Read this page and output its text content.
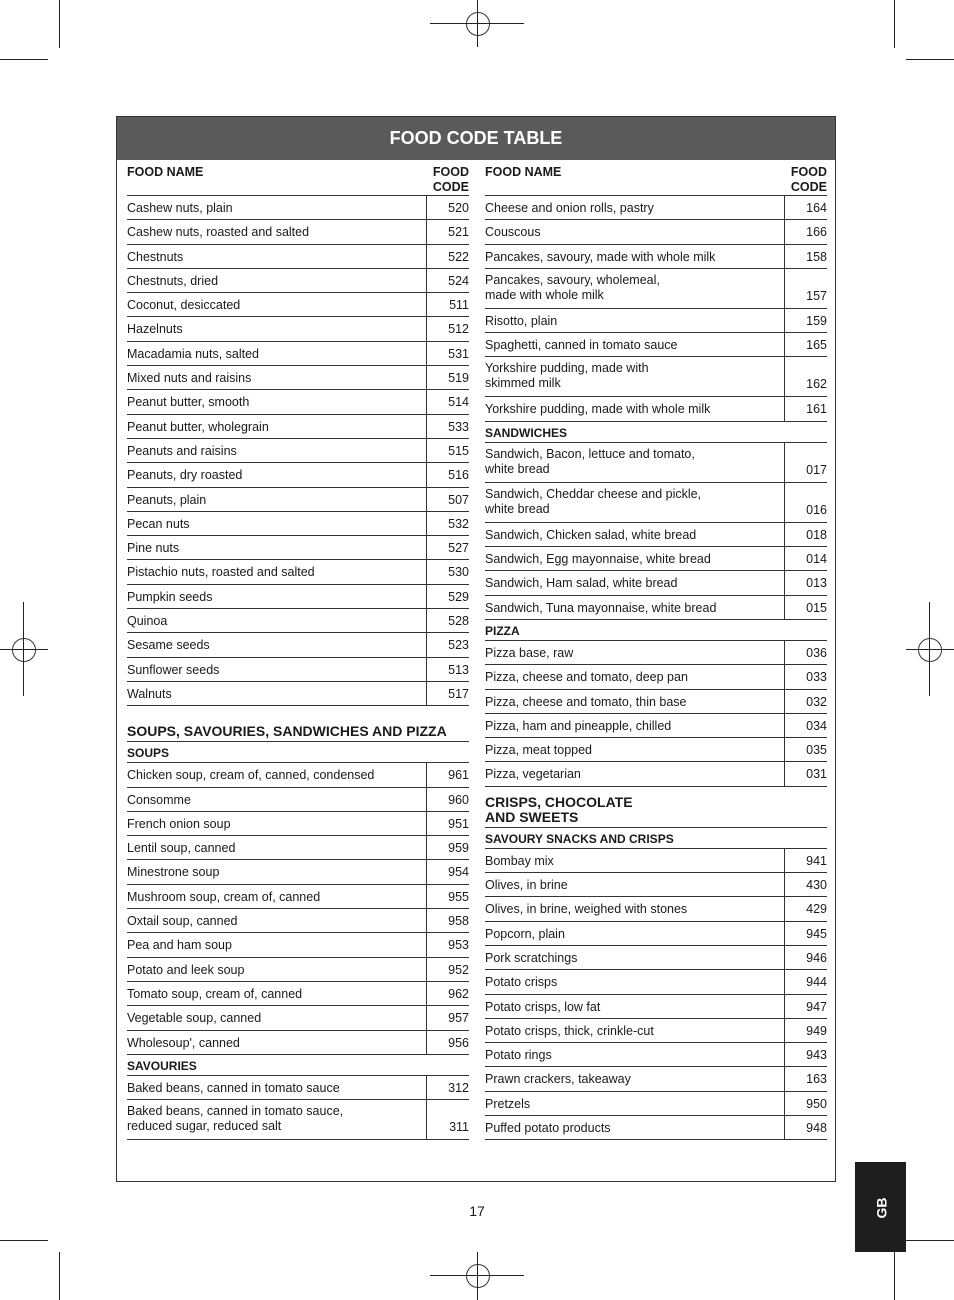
FOOD CODE TABLE
FOOD NAME	FOOD
CODE
Cashew nuts, plain	520
Cashew nuts, roasted and salted	521
Chestnuts	522
Chestnuts, dried	524
Coconut, desiccated	511
Hazelnuts	512
Macadamia nuts, salted	531
Mixed nuts and raisins	519
Peanut butter, smooth	514
Peanut butter, wholegrain	533
Peanuts and raisins	515
Peanuts, dry roasted	516
Peanuts, plain	507
Pecan nuts	532
Pine nuts	527
Pistachio nuts, roasted and salted	530
Pumpkin seeds	529
Quinoa	528
Sesame seeds	523
Sunflower seeds	513
Walnuts	517
SOUPS, SAVOURIES, SANDWICHES AND PIZZA
SOUPS
Chicken soup, cream of, canned, condensed	961
Consomme	960
French onion soup	951
Lentil soup, canned	959
Minestrone soup	954
Mushroom soup, cream of, canned	955
Oxtail soup, canned	958
Pea and ham soup	953
Potato and leek soup	952
Tomato soup, cream of, canned	962
Vegetable soup, canned	957
Wholesoup', canned	956
SAVOURIES
Baked beans, canned in tomato sauce	312
Baked beans, canned in tomato sauce,
reduced sugar, reduced salt	311
FOOD NAME	FOOD
CODE
Cheese and onion rolls, pastry	164
Couscous	166
Pancakes, savoury, made with whole milk	158
Pancakes, savoury, wholemeal,
made with whole milk	157
Risotto, plain	159
Spaghetti, canned in tomato sauce	165
Yorkshire pudding, made with
skimmed milk	162
Yorkshire pudding, made with whole milk	161
SANDWICHES
Sandwich, Bacon, lettuce and tomato,
white bread	017
Sandwich, Cheddar cheese and pickle,
white bread	016
Sandwich, Chicken salad, white bread	018
Sandwich, Egg mayonnaise, white bread	014
Sandwich, Ham salad, white bread	013
Sandwich, Tuna mayonnaise, white bread	015
PIZZA
Pizza base, raw	036
Pizza, cheese and tomato, deep pan	033
Pizza, cheese and tomato, thin base	032
Pizza, ham and pineapple, chilled	034
Pizza, meat topped	035
Pizza, vegetarian	031
CRISPS, CHOCOLATE
AND SWEETS
SAVOURY SNACKS AND CRISPS
Bombay mix	941
Olives, in brine	430
Olives, in brine, weighed with stones	429
Popcorn, plain	945
Pork scratchings	946
Potato crisps	944
Potato crisps, low fat	947
Potato crisps, thick, crinkle-cut	949
Potato rings	943
Prawn crackers, takeaway	163
Pretzels	950
Puffed potato products	948
17	GB
